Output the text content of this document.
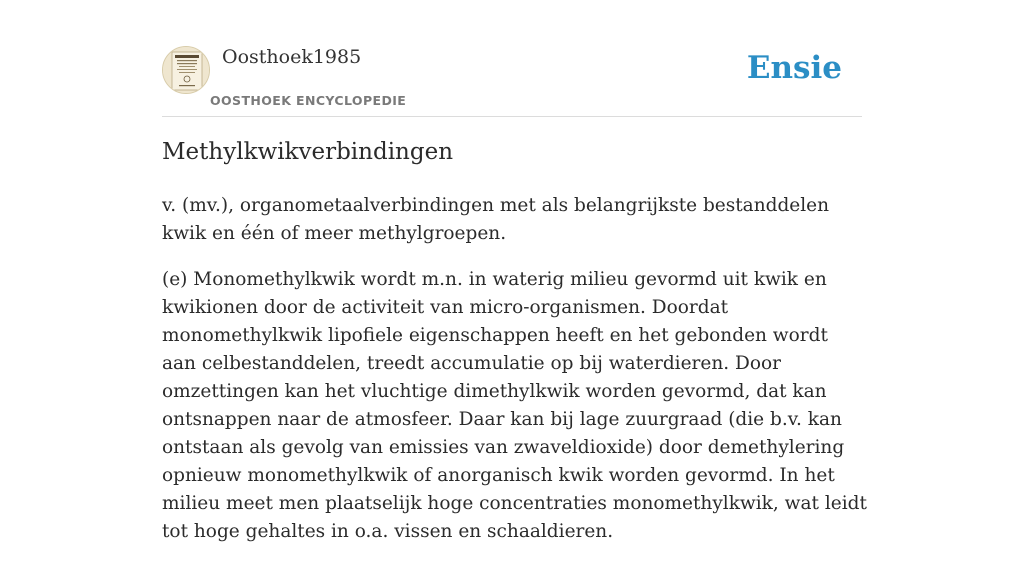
Oosthoek1985
OOSTHOEK ENCYCLOPEDIE
Ensie
Methylkwikverbindingen

v. (mv.), organometaalverbindingen met als belangrijkste bestanddelen kwik en één of meer methylgroepen.

(e) Monomethylkwik wordt m.n. in waterig milieu gevormd uit kwik en kwikionen door de activiteit van micro-organismen. Doordat monomethylkwik lipofiele eigenschappen heeft en het gebonden wordt aan celbestanddelen, treedt accumulatie op bij waterdieren. Door omzettingen kan het vluchtige dimethylkwik worden gevormd, dat kan ontsnappen naar de atmosfeer. Daar kan bij lage zuurgraad (die b.v. kan ontstaan als gevolg van emissies van zwaveldioxide) door demethylering opnieuw monomethylkwik of anorganisch kwik worden gevormd. In het milieu meet men plaatselijk hoge concentraties monomethylkwik, wat leidt tot hoge gehaltes in o.a. vissen en schaaldieren.
